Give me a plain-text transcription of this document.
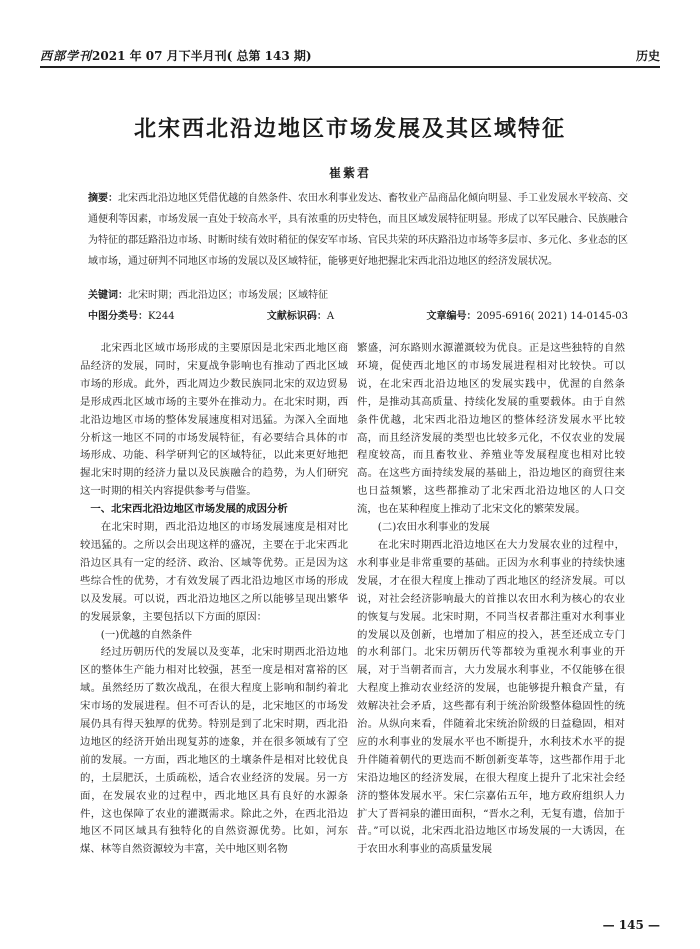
西部学刊2021 年 07 月下半月刊( 总第 143 期)	历史
北宋西北沿边地区市场发展及其区域特征
崔紫君
摘要：北宋西北沿边地区凭借优越的自然条件、农田水利事业发达、畜牧业产品商品化倾向明显、手工业发展水平较高、交通便利等因素，市场发展一直处于较高水平，具有浓重的历史特色，而且区域发展特征明显。形成了以军民融合、民族融合为特征的郡廷路沿边市场、时断时续有效时稍征的保安军市场、官民共荣的环庆路沿边市场等多层市、多元化、多业态的区域市场，通过研判不同地区市场的发展以及区域特征，能够更好地把握北宋西北沿边地区的经济发展状况。
关键词：北宋时期；西北沿边区；市场发展；区域特征
中图分类号：K244	文献标识码：A	文章编号：2095-6916( 2021) 14-0145-03

北宋西北区域市场形成的主要原因是北宋西北地区商品经济的发展，同时，宋夏战争影响也有推动了西北区域市场的形成。此外，西北周边少数民族同北宋的双边贸易是形成西北区域市场的主要外在推动力。在北宋时期，西北沿边地区市场的整体发展速度相对迅猛。为深入全面地分析这一地区不同的市场发展特征，有必要结合具体的市场形成、功能、科学研判它的区域特征，以此来更好地把握北宋时期的经济力量以及民族融合的趋势，为人们研究这一时期的相关内容提供参考与借鉴。

一、北宋西北沿边地区市场发展的成因分析

在北宋时期，西北沿边地区的市场发展速度是相对比较迅猛的。之所以会出现这样的盛况，主要在于北宋西北沿边区具有一定的经济、政治、区域等优势。正是因为这些综合性的优势，才有效发展了西北沿边地区市场的形成以及发展。可以说，西北沿边地区之所以能够呈现出繁华的发展景象，主要包括以下方面的原因：

(一)优越的自然条件

经过历朝历代的发展以及变革，北宋时期西北沿边地区的整体生产能力相对比较强，甚至一度是相对富裕的区域。虽然经历了数次战乱，在很大程度上影响和制约着北宋市场的发展进程。但不可否认的是，北宋地区的市场发展仍具有得天独厚的优势。特别是到了北宋时期，西北沿边地区的经济开始出现复苏的迹象，并在很多领域有了空前的发展。一方面，西北地区的土壤条件是相对比较优良的，土层肥沃，土质疏松，适合农业经济的发展。另一方面，在发展农业的过程中，西北地区具有良好的水源条件，这也保障了农业的灌溉需求。除此之外，在西北沿边地区不同区域具有独特化的自然资源优势。比如，河东煤、林等自然资源较为丰富，关中地区则名物

繁盛，河东路则水源灌溉较为优良。正是这些独特的自然环境，促使西北地区的市场发展进程相对比较快。可以说，在北宋西北沿边地区的发展实践中，优渥的自然条件，是推动其高质量、持续化发展的重要载体。由于自然条件优越，北宋西北沿边地区的整体经济发展水平比较高，而且经济发展的类型也比较多元化，不仅农业的发展程度较高，而且畜牧业、养殖业等发展程度也相对比较高。在这些方面持续发展的基础上，沿边地区的商贸往来也日益频繁，这些都推动了北宋西北沿边地区的人口交流，也在某种程度上推动了北宋文化的繁荣发展。

(二)农田水利事业的发展

在北宋时期西北沿边地区在大力发展农业的过程中，水利事业是非常重要的基础。正因为水利事业的持续快速发展，才在很大程度上推动了西北地区的经济发展。可以说，对社会经济影响最大的首推以农田水利为核心的农业的恢复与发展。北宋时期，不同当权者都注重对水利事业的发展以及创新，也增加了相应的投入，甚至还成立专门的水利部门。北宋历朝历代等都较为重视水利事业的开展，对于当朝者而言，大力发展水利事业，不仅能够在很大程度上推动农业经济的发展，也能够提升粮食产量，有效解决社会矛盾，这些都有利于统治阶级整体稳固性的统治。从纵向来看，伴随着北宋统治阶级的日益稳固，相对应的水利事业的发展水平也不断提升，水利技术水平的提升伴随着朝代的更迭而不断创新变革等，这些都作用于北宋沿边地区的经济发展，在很大程度上提升了北宋社会经济的整体发展水平。宋仁宗嘉佑五年，地方政府组织人力扩大了晋祠泉的灌田面积，“晋水之利，无复有遗，倍加于昔。”可以说，北宋西北沿边地区市场发展的一大诱因，在于农田水利事业的高质量发展

— 145 —
